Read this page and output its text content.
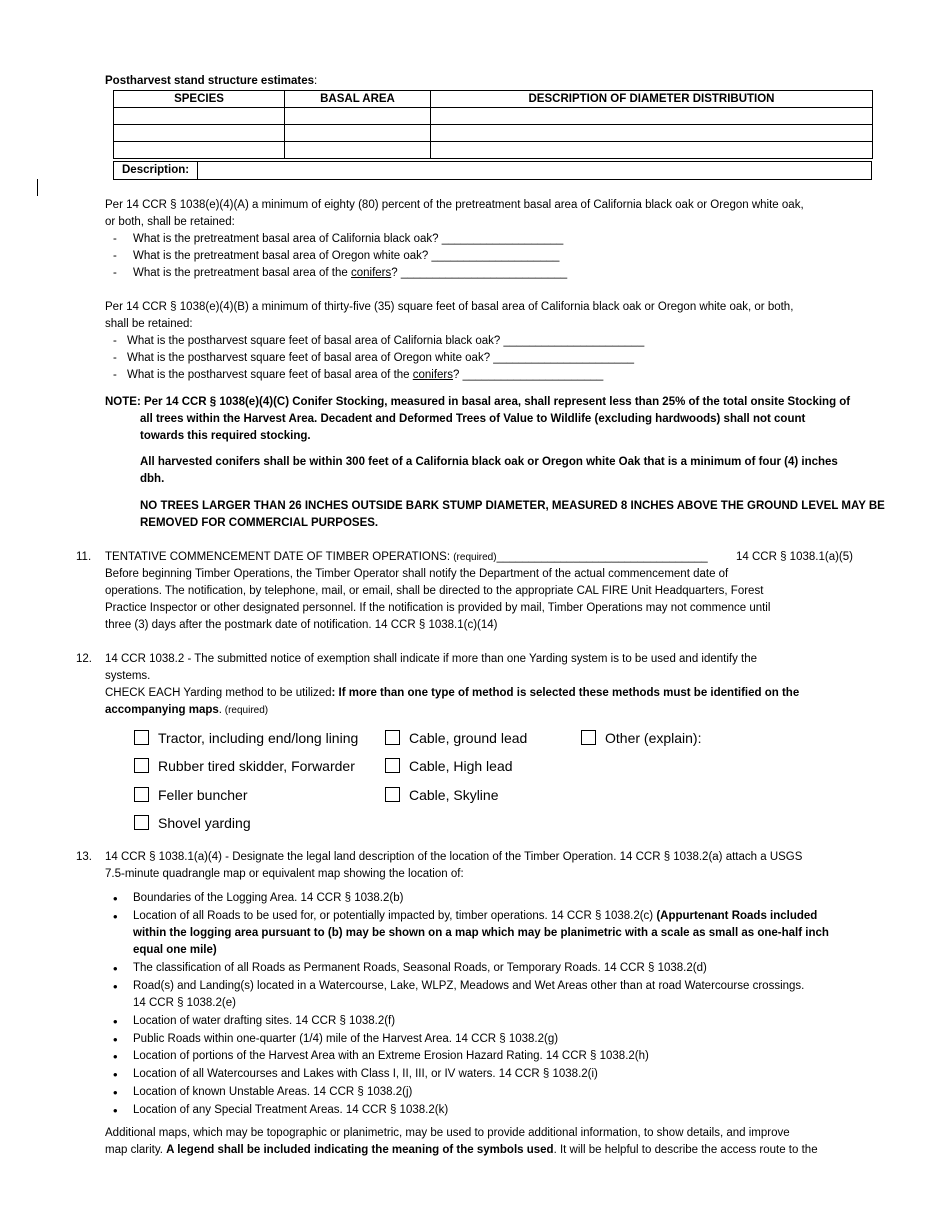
Postharvest stand structure estimates:
SPECIES	BASAL AREA	DESCRIPTION OF DIAMETER DISTRIBUTION

Description:
Per 14 CCR § 1038(e)(4)(A) a minimum of eighty (80) percent of the pretreatment basal area of California black oak or Oregon white oak,
or both, shall be retained:
- What is the pretreatment basal area of California black oak? ___________________
- What is the pretreatment basal area of Oregon white oak? ____________________
- What is the pretreatment basal area of the conifers? __________________________
Per 14 CCR § 1038(e)(4)(B) a minimum of thirty-five (35) square feet of basal area of California black oak or Oregon white oak, or both,
shall be retained:
- What is the postharvest square feet of basal area of California black oak? ______________________
- What is the postharvest square feet of basal area of Oregon white oak? ______________________
- What is the postharvest square feet of basal area of the conifers? ______________________
NOTE: Per 14 CCR § 1038(e)(4)(C) Conifer Stocking, measured in basal area, shall represent less than 25% of the total onsite Stocking of
all trees within the Harvest Area. Decadent and Deformed Trees of Value to Wildlife (excluding hardwoods) shall not count
towards this required stocking.
All harvested conifers shall be within 300 feet of a California black oak or Oregon white Oak that is a minimum of four (4) inches
dbh.
NO TREES LARGER THAN 26 INCHES OUTSIDE BARK STUMP DIAMETER, MEASURED 8 INCHES ABOVE THE GROUND LEVEL MAY BE
REMOVED FOR COMMERCIAL PURPOSES.
11. TENTATIVE COMMENCEMENT DATE OF TIMBER OPERATIONS: (required)_________________________________ 14 CCR § 1038.1(a)(5)
Before beginning Timber Operations, the Timber Operator shall notify the Department of the actual commencement date of
operations. The notification, by telephone, mail, or email, shall be directed to the appropriate CAL FIRE Unit Headquarters, Forest
Practice Inspector or other designated personnel. If the notification is provided by mail, Timber Operations may not commence until
three (3) days after the postmark date of notification. 14 CCR § 1038.1(c)(14)
12. 14 CCR 1038.2 - The submitted notice of exemption shall indicate if more than one Yarding system is to be used and identify the
systems.
CHECK EACH Yarding method to be utilized: If more than one type of method is selected these methods must be identified on the
accompanying maps. (required)
Tractor, including end/long lining
Rubber tired skidder, Forwarder
Feller buncher
Shovel yarding
Cable, ground lead
Cable, High lead
Cable, Skyline
Other (explain):
13. 14 CCR § 1038.1(a)(4) - Designate the legal land description of the location of the Timber Operation. 14 CCR § 1038.2(a) attach a USGS
7.5-minute quadrangle map or equivalent map showing the location of:
• Boundaries of the Logging Area. 14 CCR § 1038.2(b)
• Location of all Roads to be used for, or potentially impacted by, timber operations. 14 CCR § 1038.2(c) (Appurtenant Roads included
within the logging area pursuant to (b) may be shown on a map which may be planimetric with a scale as small as one-half inch
equal one mile)
• The classification of all Roads as Permanent Roads, Seasonal Roads, or Temporary Roads. 14 CCR § 1038.2(d)
• Road(s) and Landing(s) located in a Watercourse, Lake, WLPZ, Meadows and Wet Areas other than at road Watercourse crossings.
14 CCR § 1038.2(e)
• Location of water drafting sites. 14 CCR § 1038.2(f)
• Public Roads within one-quarter (1/4) mile of the Harvest Area. 14 CCR § 1038.2(g)
• Location of portions of the Harvest Area with an Extreme Erosion Hazard Rating. 14 CCR § 1038.2(h)
• Location of all Watercourses and Lakes with Class I, II, III, or IV waters. 14 CCR § 1038.2(i)
• Location of known Unstable Areas. 14 CCR § 1038.2(j)
• Location of any Special Treatment Areas. 14 CCR § 1038.2(k)
Additional maps, which may be topographic or planimetric, may be used to provide additional information, to show details, and improve
map clarity. A legend shall be included indicating the meaning of the symbols used. It will be helpful to describe the access route to the
